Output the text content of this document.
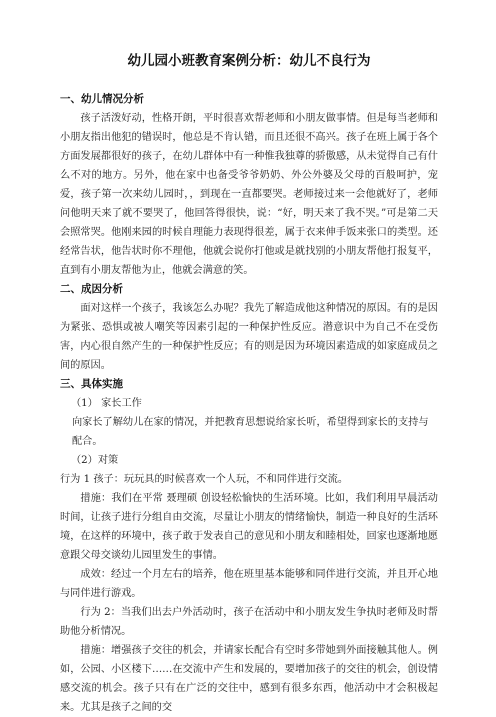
幼儿园小班教育案例分析：幼儿不良行为

一、幼儿情况分析

孩子活泼好动，性格开朗，平时很喜欢帮老师和小朋友做事情。但是每当老师和小朋友指出他犯的错误时，他总是不肯认错，而且还很不高兴。孩子在班上属于各个方面发展都很好的孩子，在幼儿群体中有一种惟我独尊的骄傲感，从未觉得自己有什么不对的地方。另外，他在家中也备受爷爷奶奶、外公外婆及父母的百般呵护，宠爱，孩子第一次来幼儿园时，，到现在一直都要哭。老师接过来一会他就好了，老师问他明天来了就不要哭了，他回答得很快，说：“好，明天来了我不哭。”可是第二天会照常哭。他刚来园的时候自理能力表现得很差，属于衣来伸手饭来张口的类型。还经常告状，他告状时你不理他，他就会说你打他或是就找别的小朋友帮他打报复平，直到有小朋友帮他为止，他就会满意的笑。

二、成因分析

面对这样一个孩子，我该怎么办呢？我先了解造成他这种情况的原因。有的是因为紧张、恐惧或被人嘲笑等因素引起的一种保护性反应。潜意识中为自己不在受伤害，内心很自然产生的一种保护性反应；有的则是因为环境因素造成的如家庭成员之间的原因。

三、具体实施

（1） 家长工作

向家长了解幼儿在家的情况，并把教育思想说给家长听，希望得到家长的支持与配合。

（2）对策

行为 1 孩子：玩玩具的时候喜欢一个人玩，不和同伴进行交流。

措施：我们在平常 聂理硕 创设轻松愉快的生活环境。比如，我们利用早晨活动时间，让孩子进行分组自由交流，尽量让小朋友的情绪愉快，制造一种良好的生活环境，在这样的环境中，孩子敢于发表自己的意见和小朋友和睦相处，回家也逐渐地愿意跟父母交谈幼儿园里发生的事情。

成效：经过一个月左右的培养，他在班里基本能够和同伴进行交流，并且开心地与同伴进行游戏。

行为 2：当我们出去户外活动时，孩子在活动中和小朋友发生争执时老师及时帮助他分析情况。

措施：增强孩子交往的机会，并请家长配合有空时多带她到外面接触其他人。例如，公园、小区楼下……在交流中产生和发展的，要增加孩子的交往的机会，创设情感交流的机会。孩子只有在广泛的交往中，感到有很多东西，他活动中才会积极起来。尤其是孩子之间的交
